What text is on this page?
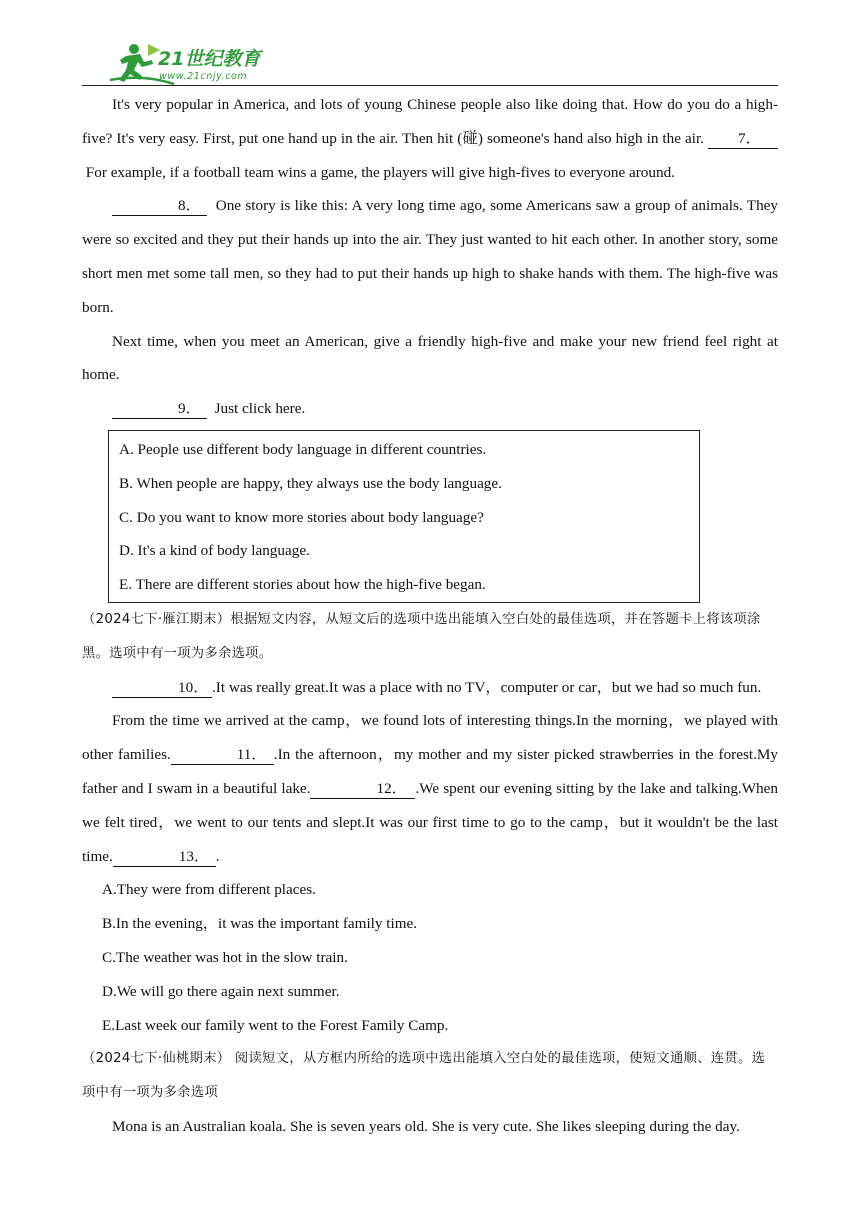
21世纪教育
www.21cnjy.com

It's very popular in America, and lots of young Chinese people also like doing that. How do you do a high-five? It's very easy. First, put one hand up in the air. Then hit (碰) someone's hand also high in the air. 7．  For example, if a football team wins a game, the players will give high-fives to everyone around.

8． One story is like this: A very long time ago, some Americans saw a group of animals. They were so excited and they put their hands up into the air. They just wanted to hit each other. In another story, some short men met some tall men, so they had to put their hands up high to shake hands with them. The high-five was born.

Next time, when you meet an American, give a friendly high-five and make your new friend feel right at home.

9． Just click here.

A. People use different body language in different countries.

B. When people are happy, they always use the body language.

C. Do you want to know more stories about body language?

D. It's a kind of body language.

E. There are different stories about how the high-five began.

（2024七下·雁江期末）根据短文内容，从短文后的选项中选出能填入空白处的最佳选项，并在答题卡上将该项涂黑。选项中有一项为多余选项。

10． .It was really great.It was a place with no TV，computer or car，but we had so much fun.

From the time we arrived at the camp，we found lots of interesting things.In the morning，we played with other families.	11． .In the afternoon，my mother and my sister picked strawberries in the forest.My father and I swam in a beautiful lake.	12． .We spent our evening sitting by the lake and talking.When we felt tired，we went to our tents and slept.It was our first time to go to the camp，but it wouldn't be the last time.	13． .

A.They were from different places.

B.In the evening，it was the important family time.

C.The weather was hot in the slow train.

D.We will go there again next summer.

E.Last week our family went to the Forest Family Camp.

（2024七下·仙桃期末） 阅读短文，从方框内所给的选项中选出能填入空白处的最佳选项，使短文通顺、连贯。选项中有一项为多余选项

Mona is an Australian koala. She is seven years old. She is very cute. She likes sleeping during the day.
